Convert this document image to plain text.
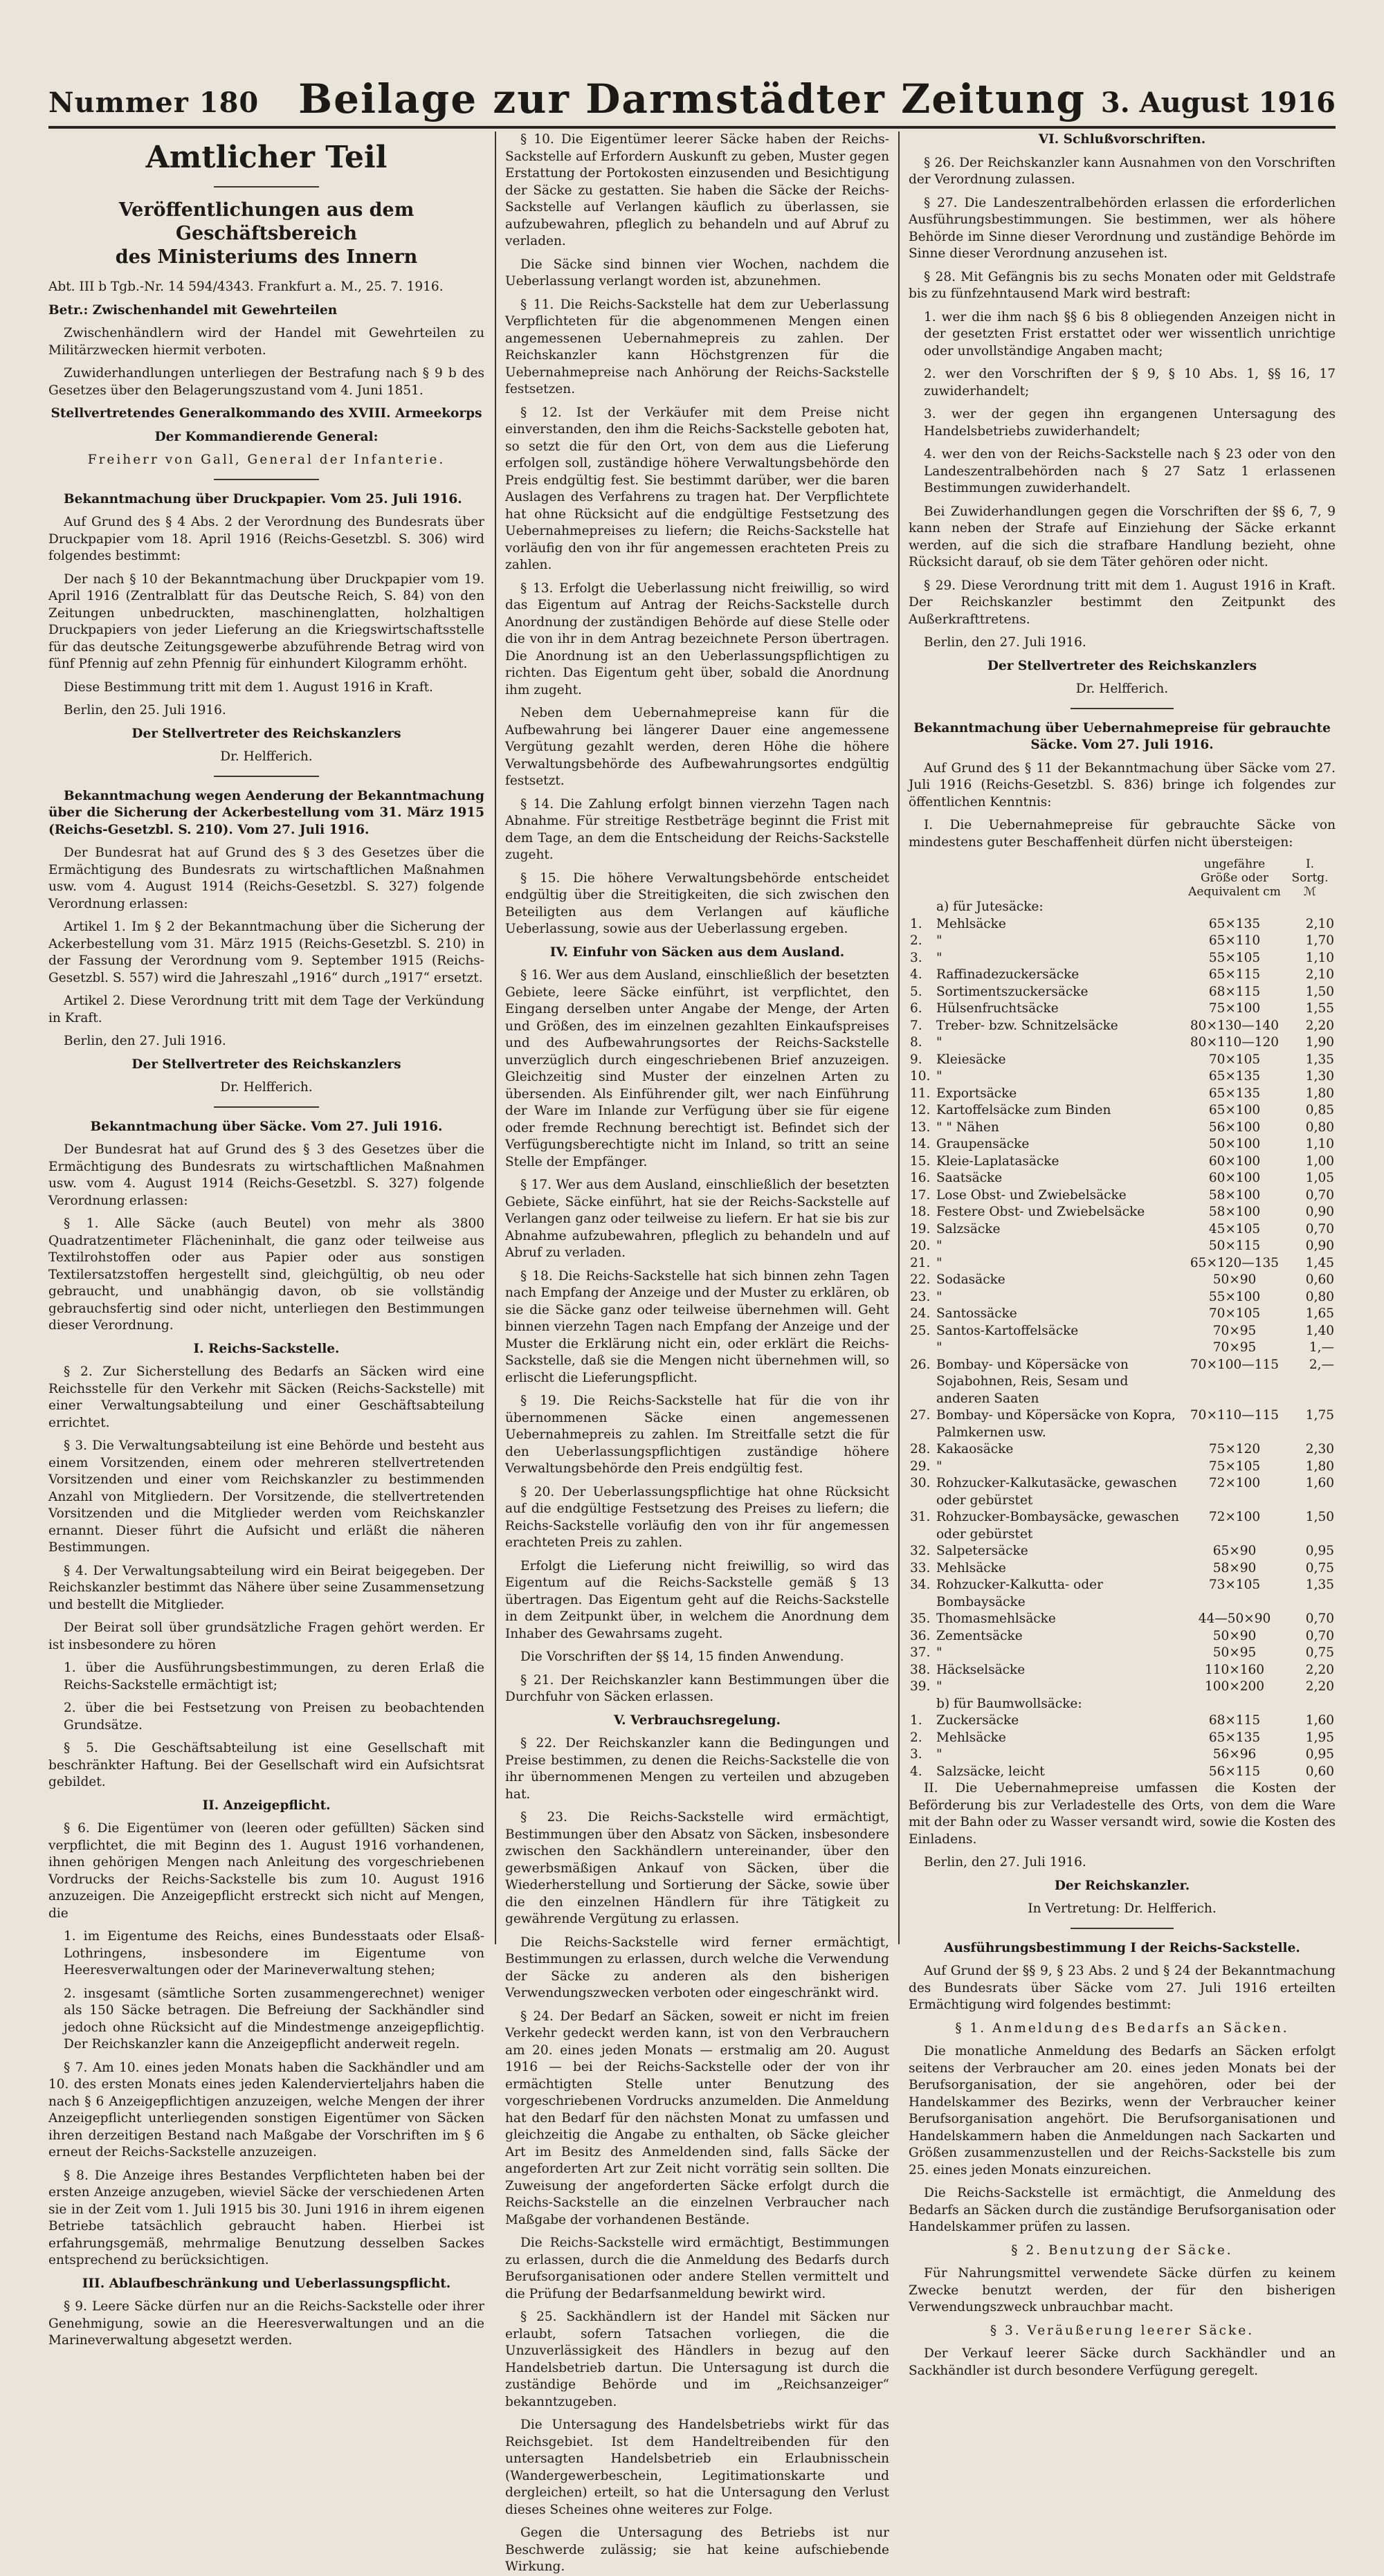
Nummer 180 Beilage zur Darmstädter Zeitung 3. August 1916
Amtlicher Teil
Veröffentlichungen aus dem Geschäftsbereich
des Ministeriums des Innern

Abt. III b Tgb.-Nr. 14 594/4343. Frankfurt a. M., 25. 7. 1916.

Betr.: Zwischenhandel mit Gewehrteilen

Zwischenhändlern wird der Handel mit Gewehrteilen zu Militärzwecken hiermit verboten.

Zuwiderhandlungen unterliegen der Bestrafung nach § 9 b des Gesetzes über den Belagerungszustand vom 4. Juni 1851.

Stellvertretendes Generalkommando des XVIII. Armeekorps

Der Kommandierende General:

Freiherr von Gall, General der Infanterie.

Bekanntmachung über Druckpapier. Vom 25. Juli 1916.

Auf Grund des § 4 Abs. 2 der Verordnung des Bundesrats über Druckpapier vom 18. April 1916 (Reichs-Gesetzbl. S. 306) wird folgendes bestimmt:

Der nach § 10 der Bekanntmachung über Druckpapier vom 19. April 1916 (Zentralblatt für das Deutsche Reich, S. 84) von den Zeitungen unbedruckten, maschinenglatten, holzhaltigen Druckpapiers von jeder Lieferung an die Kriegswirtschaftsstelle für das deutsche Zeitungsgewerbe abzuführende Betrag wird von fünf Pfennig auf zehn Pfennig für einhundert Kilogramm erhöht.

Diese Bestimmung tritt mit dem 1. August 1916 in Kraft.

Berlin, den 25. Juli 1916.

Der Stellvertreter des Reichskanzlers

Dr. Helfferich.

Bekanntmachung wegen Aenderung der Bekanntmachung über die Sicherung der Ackerbestellung vom 31. März 1915 (Reichs-Gesetzbl. S. 210). Vom 27. Juli 1916.

Der Bundesrat hat auf Grund des § 3 des Gesetzes über die Ermächtigung des Bundesrats zu wirtschaftlichen Maßnahmen usw. vom 4. August 1914 (Reichs-Gesetzbl. S. 327) folgende Verordnung erlassen:

Artikel 1. Im § 2 der Bekanntmachung über die Sicherung der Ackerbestellung vom 31. März 1915 (Reichs-Gesetzbl. S. 210) in der Fassung der Verordnung vom 9. September 1915 (Reichs-Gesetzbl. S. 557) wird die Jahreszahl „1916“ durch „1917“ ersetzt.

Artikel 2. Diese Verordnung tritt mit dem Tage der Verkündung in Kraft.

Berlin, den 27. Juli 1916.

Der Stellvertreter des Reichskanzlers

Dr. Helfferich.

Bekanntmachung über Säcke. Vom 27. Juli 1916.

Der Bundesrat hat auf Grund des § 3 des Gesetzes über die Ermächtigung des Bundesrats zu wirtschaftlichen Maßnahmen usw. vom 4. August 1914 (Reichs-Gesetzbl. S. 327) folgende Verordnung erlassen:

§ 1. Alle Säcke (auch Beutel) von mehr als 3800 Quadratzentimeter Flächeninhalt, die ganz oder teilweise aus Textilrohstoffen oder aus Papier oder aus sonstigen Textilersatzstoffen hergestellt sind, gleichgültig, ob neu oder gebraucht, und unabhängig davon, ob sie vollständig gebrauchsfertig sind oder nicht, unterliegen den Bestimmungen dieser Verordnung.

I. Reichs-Sackstelle.

§ 2. Zur Sicherstellung des Bedarfs an Säcken wird eine Reichsstelle für den Verkehr mit Säcken (Reichs-Sackstelle) mit einer Verwaltungsabteilung und einer Geschäftsabteilung errichtet.

§ 3. Die Verwaltungsabteilung ist eine Behörde und besteht aus einem Vorsitzenden, einem oder mehreren stellvertretenden Vorsitzenden und einer vom Reichskanzler zu bestimmenden Anzahl von Mitgliedern. Der Vorsitzende, die stellvertretenden Vorsitzenden und die Mitglieder werden vom Reichskanzler ernannt. Dieser führt die Aufsicht und erläßt die näheren Bestimmungen.

§ 4. Der Verwaltungsabteilung wird ein Beirat beigegeben. Der Reichskanzler bestimmt das Nähere über seine Zusammensetzung und bestellt die Mitglieder.

Der Beirat soll über grundsätzliche Fragen gehört werden. Er ist insbesondere zu hören

1. über die Ausführungsbestimmungen, zu deren Erlaß die Reichs-Sackstelle ermächtigt ist;

2. über die bei Festsetzung von Preisen zu beobachtenden Grundsätze.

§ 5. Die Geschäftsabteilung ist eine Gesellschaft mit beschränkter Haftung. Bei der Gesellschaft wird ein Aufsichtsrat gebildet.

II. Anzeigepflicht.

§ 6. Die Eigentümer von (leeren oder gefüllten) Säcken sind verpflichtet, die mit Beginn des 1. August 1916 vorhandenen, ihnen gehörigen Mengen nach Anleitung des vorgeschriebenen Vordrucks der Reichs-Sackstelle bis zum 10. August 1916 anzuzeigen. Die Anzeigepflicht erstreckt sich nicht auf Mengen, die

1. im Eigentume des Reichs, eines Bundesstaats oder Elsaß-Lothringens, insbesondere im Eigentume von Heeresverwaltungen oder der Marineverwaltung stehen;

2. insgesamt (sämtliche Sorten zusammengerechnet) weniger als 150 Säcke betragen. Die Befreiung der Sackhändler sind jedoch ohne Rücksicht auf die Mindestmenge anzeigepflichtig. Der Reichskanzler kann die Anzeigepflicht anderweit regeln.

§ 7. Am 10. eines jeden Monats haben die Sackhändler und am 10. des ersten Monats eines jeden Kalendervierteljahrs haben die nach § 6 Anzeigepflichtigen anzuzeigen, welche Mengen der ihrer Anzeigepflicht unterliegenden sonstigen Eigentümer von Säcken ihren derzeitigen Bestand nach Maßgabe der Vorschriften im § 6 erneut der Reichs-Sackstelle anzuzeigen.

§ 8. Die Anzeige ihres Bestandes Verpflichteten haben bei der ersten Anzeige anzugeben, wieviel Säcke der verschiedenen Arten sie in der Zeit vom 1. Juli 1915 bis 30. Juni 1916 in ihrem eigenen Betriebe tatsächlich gebraucht haben. Hierbei ist erfahrungsgemäß, mehrmalige Benutzung desselben Sackes entsprechend zu berücksichtigen.

III. Ablaufbeschränkung und Ueberlassungspflicht.

§ 9. Leere Säcke dürfen nur an die Reichs-Sackstelle oder ihrer Genehmigung, sowie an die Heeresverwaltungen und an die Marineverwaltung abgesetzt werden.

§ 10. Die Eigentümer leerer Säcke haben der Reichs-Sackstelle auf Erfordern Auskunft zu geben, Muster gegen Erstattung der Portokosten einzusenden und Besichtigung der Säcke zu gestatten. Sie haben die Säcke der Reichs-Sackstelle auf Verlangen käuflich zu überlassen, sie aufzubewahren, pfleglich zu behandeln und auf Abruf zu verladen.

Die Säcke sind binnen vier Wochen, nachdem die Ueberlassung verlangt worden ist, abzunehmen.

§ 11. Die Reichs-Sackstelle hat dem zur Ueberlassung Verpflichteten für die abgenommenen Mengen einen angemessenen Uebernahmepreis zu zahlen. Der Reichskanzler kann Höchstgrenzen für die Uebernahmepreise nach Anhörung der Reichs-Sackstelle festsetzen.

§ 12. Ist der Verkäufer mit dem Preise nicht einverstanden, den ihm die Reichs-Sackstelle geboten hat, so setzt die für den Ort, von dem aus die Lieferung erfolgen soll, zuständige höhere Verwaltungsbehörde den Preis endgültig fest. Sie bestimmt darüber, wer die baren Auslagen des Verfahrens zu tragen hat. Der Verpflichtete hat ohne Rücksicht auf die endgültige Festsetzung des Uebernahmepreises zu liefern; die Reichs-Sackstelle hat vorläufig den von ihr für angemessen erachteten Preis zu zahlen.

§ 13. Erfolgt die Ueberlassung nicht freiwillig, so wird das Eigentum auf Antrag der Reichs-Sackstelle durch Anordnung der zuständigen Behörde auf diese Stelle oder die von ihr in dem Antrag bezeichnete Person übertragen. Die Anordnung ist an den Ueberlassungspflichtigen zu richten. Das Eigentum geht über, sobald die Anordnung ihm zugeht.

Neben dem Uebernahmepreise kann für die Aufbewahrung bei längerer Dauer eine angemessene Vergütung gezahlt werden, deren Höhe die höhere Verwaltungsbehörde des Aufbewahrungsortes endgültig festsetzt.

§ 14. Die Zahlung erfolgt binnen vierzehn Tagen nach Abnahme. Für streitige Restbeträge beginnt die Frist mit dem Tage, an dem die Entscheidung der Reichs-Sackstelle zugeht.

§ 15. Die höhere Verwaltungsbehörde entscheidet endgültig über die Streitigkeiten, die sich zwischen den Beteiligten aus dem Verlangen auf käufliche Ueberlassung, sowie aus der Ueberlassung ergeben.

IV. Einfuhr von Säcken aus dem Ausland.

§ 16. Wer aus dem Ausland, einschließlich der besetzten Gebiete, leere Säcke einführt, ist verpflichtet, den Eingang derselben unter Angabe der Menge, der Arten und Größen, des im einzelnen gezahlten Einkaufspreises und des Aufbewahrungsortes der Reichs-Sackstelle unverzüglich durch eingeschriebenen Brief anzuzeigen. Gleichzeitig sind Muster der einzelnen Arten zu übersenden. Als Einführender gilt, wer nach Einführung der Ware im Inlande zur Verfügung über sie für eigene oder fremde Rechnung berechtigt ist. Befindet sich der Verfügungsberechtigte nicht im Inland, so tritt an seine Stelle der Empfänger.

§ 17. Wer aus dem Ausland, einschließlich der besetzten Gebiete, Säcke einführt, hat sie der Reichs-Sackstelle auf Verlangen ganz oder teilweise zu liefern. Er hat sie bis zur Abnahme aufzubewahren, pfleglich zu behandeln und auf Abruf zu verladen.

§ 18. Die Reichs-Sackstelle hat sich binnen zehn Tagen nach Empfang der Anzeige und der Muster zu erklären, ob sie die Säcke ganz oder teilweise übernehmen will. Geht binnen vierzehn Tagen nach Empfang der Anzeige und der Muster die Erklärung nicht ein, oder erklärt die Reichs-Sackstelle, daß sie die Mengen nicht übernehmen will, so erlischt die Lieferungspflicht.

§ 19. Die Reichs-Sackstelle hat für die von ihr übernommenen Säcke einen angemessenen Uebernahmepreis zu zahlen. Im Streitfalle setzt die für den Ueberlassungspflichtigen zuständige höhere Verwaltungsbehörde den Preis endgültig fest.

§ 20. Der Ueberlassungspflichtige hat ohne Rücksicht auf die endgültige Festsetzung des Preises zu liefern; die Reichs-Sackstelle vorläufig den von ihr für angemessen erachteten Preis zu zahlen.

Erfolgt die Lieferung nicht freiwillig, so wird das Eigentum auf die Reichs-Sackstelle gemäß § 13 übertragen. Das Eigentum geht auf die Reichs-Sackstelle in dem Zeitpunkt über, in welchem die Anordnung dem Inhaber des Gewahrsams zugeht.

Die Vorschriften der §§ 14, 15 finden Anwendung.

§ 21. Der Reichskanzler kann Bestimmungen über die Durchfuhr von Säcken erlassen.

V. Verbrauchsregelung.

§ 22. Der Reichskanzler kann die Bedingungen und Preise bestimmen, zu denen die Reichs-Sackstelle die von ihr übernommenen Mengen zu verteilen und abzugeben hat.

§ 23. Die Reichs-Sackstelle wird ermächtigt, Bestimmungen über den Absatz von Säcken, insbesondere zwischen den Sackhändlern untereinander, über den gewerbsmäßigen Ankauf von Säcken, über die Wiederherstellung und Sortierung der Säcke, sowie über die den einzelnen Händlern für ihre Tätigkeit zu gewährende Vergütung zu erlassen.

Die Reichs-Sackstelle wird ferner ermächtigt, Bestimmungen zu erlassen, durch welche die Verwendung der Säcke zu anderen als den bisherigen Verwendungszwecken verboten oder eingeschränkt wird.

§ 24. Der Bedarf an Säcken, soweit er nicht im freien Verkehr gedeckt werden kann, ist von den Verbrauchern am 20. eines jeden Monats — erstmalig am 20. August 1916 — bei der Reichs-Sackstelle oder der von ihr ermächtigten Stelle unter Benutzung des vorgeschriebenen Vordrucks anzumelden. Die Anmeldung hat den Bedarf für den nächsten Monat zu umfassen und gleichzeitig die Angabe zu enthalten, ob Säcke gleicher Art im Besitz des Anmeldenden sind, falls Säcke der angeforderten Art zur Zeit nicht vorrätig sein sollten. Die Zuweisung der angeforderten Säcke erfolgt durch die Reichs-Sackstelle an die einzelnen Verbraucher nach Maßgabe der vorhandenen Bestände.

Die Reichs-Sackstelle wird ermächtigt, Bestimmungen zu erlassen, durch die die Anmeldung des Bedarfs durch Berufsorganisationen oder andere Stellen vermittelt und die Prüfung der Bedarfsanmeldung bewirkt wird.

§ 25. Sackhändlern ist der Handel mit Säcken nur erlaubt, sofern Tatsachen vorliegen, die die Unzuverlässigkeit des Händlers in bezug auf den Handelsbetrieb dartun. Die Untersagung ist durch die zuständige Behörde und im „Reichsanzeiger“ bekanntzugeben.

Die Untersagung des Handelsbetriebs wirkt für das Reichsgebiet. Ist dem Handeltreibenden für den untersagten Handelsbetrieb ein Erlaubnisschein (Wandergewerbeschein, Legitimationskarte und dergleichen) erteilt, so hat die Untersagung den Verlust dieses Scheines ohne weiteres zur Folge.

Gegen die Untersagung des Betriebs ist nur Beschwerde zulässig; sie hat keine aufschiebende Wirkung.

VI. Schlußvorschriften.

§ 26. Der Reichskanzler kann Ausnahmen von den Vorschriften der Verordnung zulassen.

§ 27. Die Landeszentralbehörden erlassen die erforderlichen Ausführungsbestimmungen. Sie bestimmen, wer als höhere Behörde im Sinne dieser Verordnung und zuständige Behörde im Sinne dieser Verordnung anzusehen ist.

§ 28. Mit Gefängnis bis zu sechs Monaten oder mit Geldstrafe bis zu fünfzehntausend Mark wird bestraft:

1. wer die ihm nach §§ 6 bis 8 obliegenden Anzeigen nicht in der gesetzten Frist erstattet oder wer wissentlich unrichtige oder unvollständige Angaben macht;

2. wer den Vorschriften der § 9, § 10 Abs. 1, §§ 16, 17 zuwiderhandelt;

3. wer der gegen ihn ergangenen Untersagung des Handelsbetriebs zuwiderhandelt;

4. wer den von der Reichs-Sackstelle nach § 23 oder von den Landeszentralbehörden nach § 27 Satz 1 erlassenen Bestimmungen zuwiderhandelt.

Bei Zuwiderhandlungen gegen die Vorschriften der §§ 6, 7, 9 kann neben der Strafe auf Einziehung der Säcke erkannt werden, auf die sich die strafbare Handlung bezieht, ohne Rücksicht darauf, ob sie dem Täter gehören oder nicht.

§ 29. Diese Verordnung tritt mit dem 1. August 1916 in Kraft. Der Reichskanzler bestimmt den Zeitpunkt des Außerkrafttretens.

Berlin, den 27. Juli 1916.

Der Stellvertreter des Reichskanzlers

Dr. Helfferich.

Bekanntmachung über Uebernahmepreise für gebrauchte Säcke. Vom 27. Juli 1916.

Auf Grund des § 11 der Bekanntmachung über Säcke vom 27. Juli 1916 (Reichs-Gesetzbl. S. 836) bringe ich folgendes zur öffentlichen Kenntnis:

I. Die Uebernahmepreise für gebrauchte Säcke von mindestens guter Beschaffenheit dürfen nicht übersteigen:

		ungefähre Größe oder Aequivalent cm	I. Sortg. ℳ
a) für Jutesäcke:			
1.	Mehlsäcke	65×135	2,10
2.	"	65×110	1,70
3.	"	55×105	1,10
4.	Raffinadezuckersäcke	65×115	2,10
5.	Sortimentszuckersäcke	68×115	1,50
6.	Hülsenfruchtsäcke	75×100	1,55
7.	Treber- bzw. Schnitzelsäcke	80×130—140	2,20
8.	"	80×110—120	1,90
9.	Kleiesäcke	70×105	1,35
10.	"	65×135	1,30
11.	Exportsäcke	65×135	1,80
12.	Kartoffelsäcke zum Binden	65×100	0,85
13.	" " Nähen	56×100	0,80
14.	Graupensäcke	50×100	1,10
15.	Kleie-Laplatasäcke	60×100	1,00
16.	Saatsäcke	60×100	1,05
17.	Lose Obst- und Zwiebelsäcke	58×100	0,70
18.	Festere Obst- und Zwiebelsäcke	58×100	0,90
19.	Salzsäcke	45×105	0,70
20.	"	50×115	0,90
21.	"	65×120—135	1,45
22.	Sodasäcke	50×90	0,60
23.	"	55×100	0,80
24.	Santossäcke	70×105	1,65
25.	Santos-Kartoffelsäcke	70×95	1,40
	"	70×95	1,—
26.	Bombay- und Köpersäcke von Sojabohnen, Reis, Sesam und anderen Saaten	70×100—115	2,—
27.	Bombay- und Köpersäcke von Kopra, Palmkernen usw.	70×110—115	1,75
28.	Kakaosäcke	75×120	2,30
29.	"	75×105	1,80
30.	Rohzucker-Kalkutasäcke, gewaschen oder gebürstet	72×100	1,60
31.	Rohzucker-Bombaysäcke, gewaschen oder gebürstet	72×100	1,50
32.	Salpetersäcke	65×90	0,95
33.	Mehlsäcke	58×90	0,75
34.	Rohzucker-Kalkutta- oder Bombaysäcke	73×105	1,35
35.	Thomasmehlsäcke	44—50×90	0,70
36.	Zementsäcke	50×90	0,70
37.	"	50×95	0,75
38.	Häckselsäcke	110×160	2,20
39.	"	100×200	2,20
b) für Baumwollsäcke:			
1.	Zuckersäcke	68×115	1,60
2.	Mehlsäcke	65×135	1,95
3.	"	56×96	0,95
4.	Salzsäcke, leicht	56×115	0,60

II. Die Uebernahmepreise umfassen die Kosten der Beförderung bis zur Verladestelle des Orts, von dem die Ware mit der Bahn oder zu Wasser versandt wird, sowie die Kosten des Einladens.

Berlin, den 27. Juli 1916.

Der Reichskanzler.

In Vertretung: Dr. Helfferich.

Ausführungsbestimmung I der Reichs-Sackstelle.

Auf Grund der §§ 9, § 23 Abs. 2 und § 24 der Bekanntmachung des Bundesrats über Säcke vom 27. Juli 1916 erteilten Ermächtigung wird folgendes bestimmt:

§ 1. Anmeldung des Bedarfs an Säcken.

Die monatliche Anmeldung des Bedarfs an Säcken erfolgt seitens der Verbraucher am 20. eines jeden Monats bei der Berufsorganisation, der sie angehören, oder bei der Handelskammer des Bezirks, wenn der Verbraucher keiner Berufsorganisation angehört. Die Berufsorganisationen und Handelskammern haben die Anmeldungen nach Sackarten und Größen zusammenzustellen und der Reichs-Sackstelle bis zum 25. eines jeden Monats einzureichen.

Die Reichs-Sackstelle ist ermächtigt, die Anmeldung des Bedarfs an Säcken durch die zuständige Berufsorganisation oder Handelskammer prüfen zu lassen.

§ 2. Benutzung der Säcke.

Für Nahrungsmittel verwendete Säcke dürfen zu keinem Zwecke benutzt werden, der für den bisherigen Verwendungszweck unbrauchbar macht.

§ 3. Veräußerung leerer Säcke.

Der Verkauf leerer Säcke durch Sackhändler und an Sackhändler ist durch besondere Verfügung geregelt.
